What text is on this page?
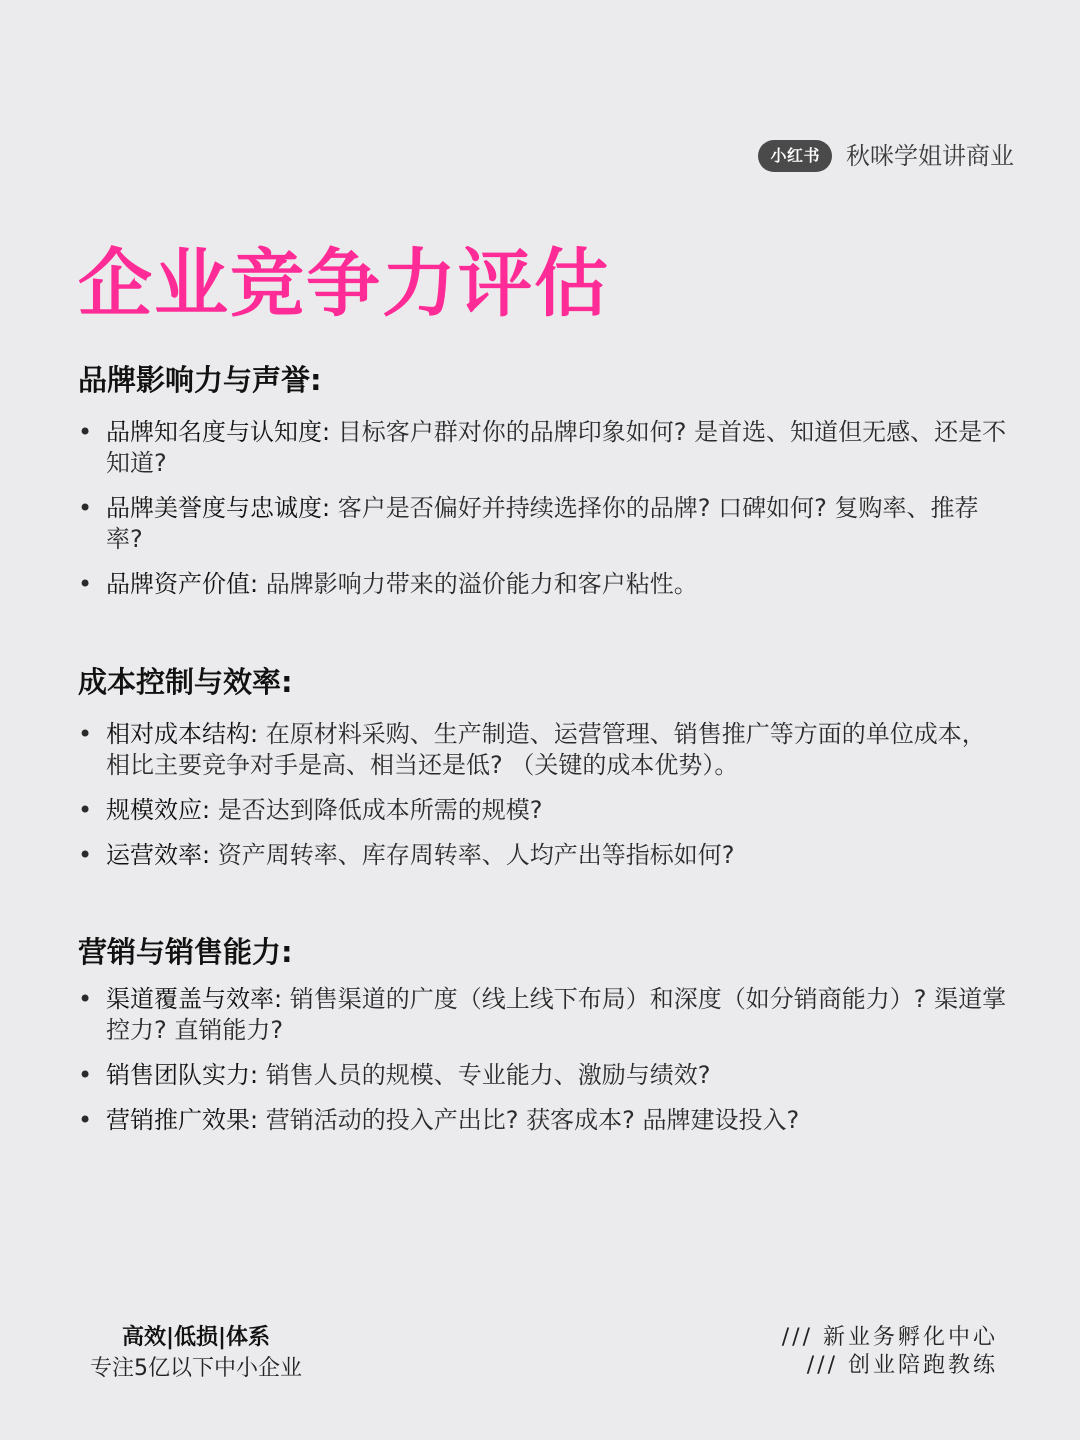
小红书	秋咪学姐讲商业
企业竞争力评估
品牌影响力与声誉:
• 品牌知名度与认知度: 目标客户群对你的品牌印象如何? 是首选、知道但无感、还是不知道?
• 品牌美誉度与忠诚度: 客户是否偏好并持续选择你的品牌? 口碑如何? 复购率、推荐率?
• 品牌资产价值: 品牌影响力带来的溢价能力和客户粘性。
成本控制与效率:
• 相对成本结构: 在原材料采购、生产制造、运营管理、销售推广等方面的单位成本，相比主要竞争对手是高、相当还是低? （关键的成本优势）。
• 规模效应: 是否达到降低成本所需的规模?
• 运营效率: 资产周转率、库存周转率、人均产出等指标如何?
营销与销售能力:
• 渠道覆盖与效率: 销售渠道的广度（线上线下布局）和深度（如分销商能力）? 渠道掌控力? 直销能力?
• 销售团队实力: 销售人员的规模、专业能力、激励与绩效?
• 营销推广效果: 营销活动的投入产出比? 获客成本? 品牌建设投入?
高效|低损|体系
专注5亿以下中小企业
/// 新业务孵化中心
/// 创业陪跑教练
